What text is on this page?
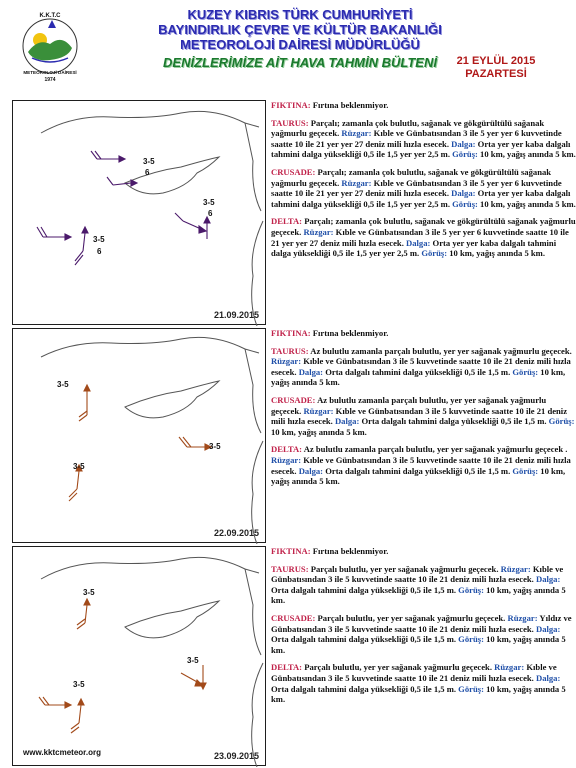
K.K.T.C
METEOROLOJİ DAİRESİ
1974
KUZEY KIBRIS TÜRK CUMHURİYETİ
BAYINDIRLIK ÇEVRE VE KÜLTÜR BAKANLIĞI
METEOROLOJİ DAİRESİ MÜDÜRLÜĞÜ
DENİZLERİMİZE AİT HAVA TAHMİN BÜLTENİ	21 EYLÜL 2015
PAZARTESİ
3-5
6
3-5
6
3-5
6
21.09.2015

FIKTINA: Fırtına beklenmiyor.

TAURUS: Parçalı; zamanla çok bulutlu, sağanak ve gökgürültülü sağanak yağmurlu geçecek. Rüzgar: Kıble ve Günbatısından 3 ile 5 yer yer 6 kuvvetinde saatte 10 ile 21 yer yer 27 deniz mili hızla esecek. Dalga: Orta yer yer kaba dalgalı tahmini dalga yüksekliği 0,5 ile 1,5 yer yer 2,5 m. Görüş: 10 km, yağış anında 5 km.

CRUSADE: Parçalı; zamanla çok bulutlu, sağanak ve gökgürültülü sağanak yağmurlu geçecek. Rüzgar: Kıble ve Günbatısından 3 ile 5 yer yer 6 kuvvetinde saatte 10 ile 21 yer yer 27 deniz mili hızla esecek. Dalga: Orta yer yer kaba dalgalı tahmini dalga yüksekliği 0,5 ile 1,5 yer yer 2,5 m. Görüş: 10 km, yağış anında 5 km.

DELTA: Parçalı; zamanla çok bulutlu, sağanak ve gökgürültülü sağanak yağmurlu geçecek. Rüzgar: Kıble ve Günbatısından 3 ile 5 yer yer 6 kuvvetinde saatte 10 ile 21 yer yer 27 deniz mili hızla esecek. Dalga: Orta yer yer kaba dalgalı tahmini dalga yüksekliği 0,5 ile 1,5 yer yer 2,5 m. Görüş: 10 km, yağış anında 5 km.

3-5
3-5
3-5
22.09.2015

FIKTINA: Fırtına beklenmiyor.

TAURUS: Az bulutlu zamanla parçalı bulutlu, yer yer sağanak yağmurlu geçecek. Rüzgar: Kıble ve Günbatısından 3 ile 5 kuvvetinde saatte 10 ile 21 deniz mili hızla esecek. Dalga: Orta dalgalı tahmini dalga yüksekliği 0,5 ile 1,5 m. Görüş: 10 km, yağış anında 5 km.

CRUSADE: Az bulutlu zamanla parçalı bulutlu, yer yer sağanak yağmurlu geçecek. Rüzgar: Kıble ve Günbatısından 3 ile 5 kuvvetinde saatte 10 ile 21 deniz mili hızla esecek. Dalga: Orta dalgalı tahmini dalga yüksekliği 0,5 ile 1,5 m. Görüş: 10 km, yağış anında 5 km.

DELTA: Az bulutlu zamanla parçalı bulutlu, yer yer sağanak yağmurlu geçecek . Rüzgar: Kıble ve Günbatısından 3 ile 5 kuvvetinde saatte 10 ile 21 deniz mili hızla esecek. Dalga: Orta dalgalı tahmini dalga yüksekliği 0,5 ile 1,5 m. Görüş: 10 km, yağış anında 5 km.

3-5
3-5
3-5
www.kktcmeteor.org	23.09.2015

FIKTINA: Fırtına beklenmiyor.

TAURUS: Parçalı bulutlu, yer yer sağanak yağmurlu geçecek. Rüzgar: Kıble ve Günbatısından 3 ile 5 kuvvetinde saatte 10 ile 21 deniz mili hızla esecek. Dalga: Orta dalgalı tahmini dalga yüksekliği 0,5 ile 1,5 m. Görüş: 10 km, yağış anında 5 km.

CRUSADE: Parçalı bulutlu, yer yer sağanak yağmurlu geçecek. Rüzgar: Yıldız ve Günbatısından 3 ile 5 kuvvetinde saatte 10 ile 21 deniz mili hızla esecek. Dalga: Orta dalgalı tahmini dalga yüksekliği 0,5 ile 1,5 m. Görüş: 10 km, yağış anında 5 km.

DELTA: Parçalı bulutlu, yer yer sağanak yağmurlu geçecek. Rüzgar: Kıble ve Günbatısından 3 ile 5 kuvvetinde saatte 10 ile 21 deniz mili hızla esecek. Dalga: Orta dalgalı tahmini dalga yüksekliği 0,5 ile 1,5 m. Görüş: 10 km, yağış anında 5 km.
